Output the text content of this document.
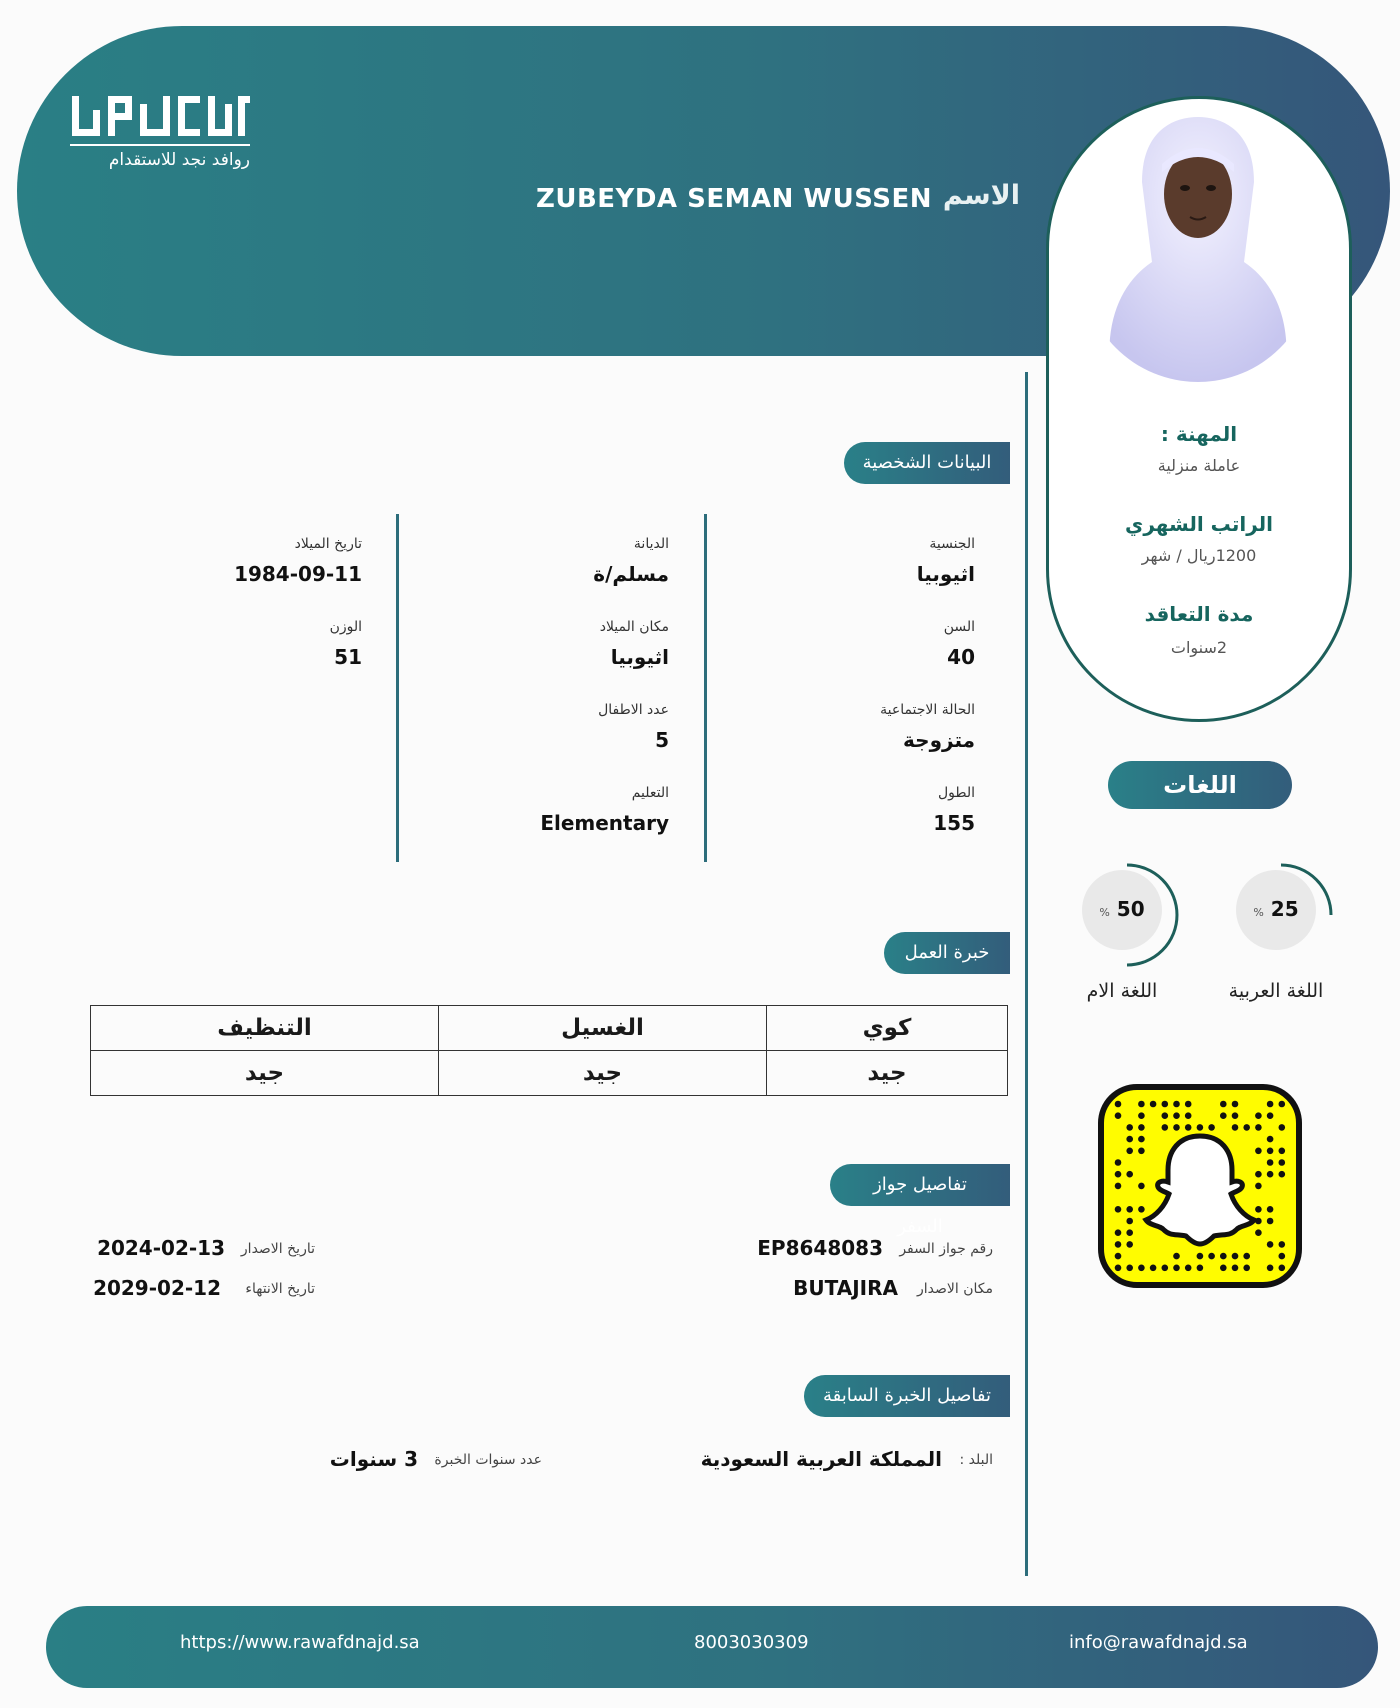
روافد نجد للاستقدام
الاسم
ZUBEYDA SEMAN WUSSEN
المهنة :
عاملة منزلية
الراتب الشهري
1200ريال / شهر
مدة التعاقد
2سنوات
البيانات الشخصية
الجنسية
اثيوبيا
السن
40
الحالة الاجتماعية
متزوجة
الطول
155
الديانة
مسلم/ة
مكان الميلاد
اثيوبيا
عدد الاطفال
5
التعليم
Elementary
تاريخ الميلاد
1984-09-11
الوزن
51
خبرة العمل
التنظيف	الغسيل	كوي
جيد	جيد	جيد
اللغات
% 25
اللغة العربية
% 50
اللغة الام
تفاصيل جواز السفر
رقم جواز السفر
EP8648083
مكان الاصدار
BUTAJIRA
تاريخ الاصدار
2024-02-13
تاريخ الانتهاء
2029-02-12
تفاصيل الخبرة السابقة
البلد :
المملكة العربية السعودية
عدد سنوات الخبرة
3 سنوات
https://www.rawafdnajd.sa	8003030309	info@rawafdnajd.sa
